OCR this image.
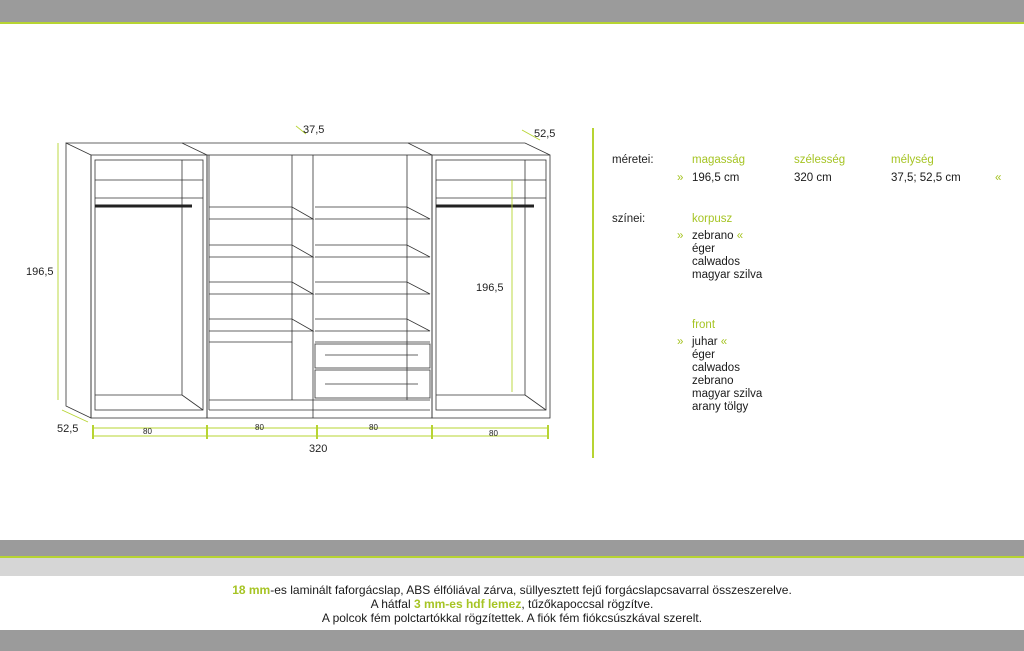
37,5	52,5
196,5
196,5
52,5	80	80	80
80
320
méretei:	magasság	szélesség	mélység
» 196,5 cm	320 cm	37,5; 52,5 cm	«
színei:	korpusz
» zebrano «
éger
calwados
magyar szilva
front
» juhar «
éger
calwados
zebrano
magyar szilva
arany tölgy
18 mm-es laminált faforgácslap, ABS élfóliával zárva, süllyesztett fejű forgácslapcsavarral összeszerelve.
A hátfal 3 mm-es hdf lemez, tűzőkapoccsal rögzítve.
A polcok fém polctartókkal rögzítettek. A fiók fém fiókcsúszkával szerelt.
